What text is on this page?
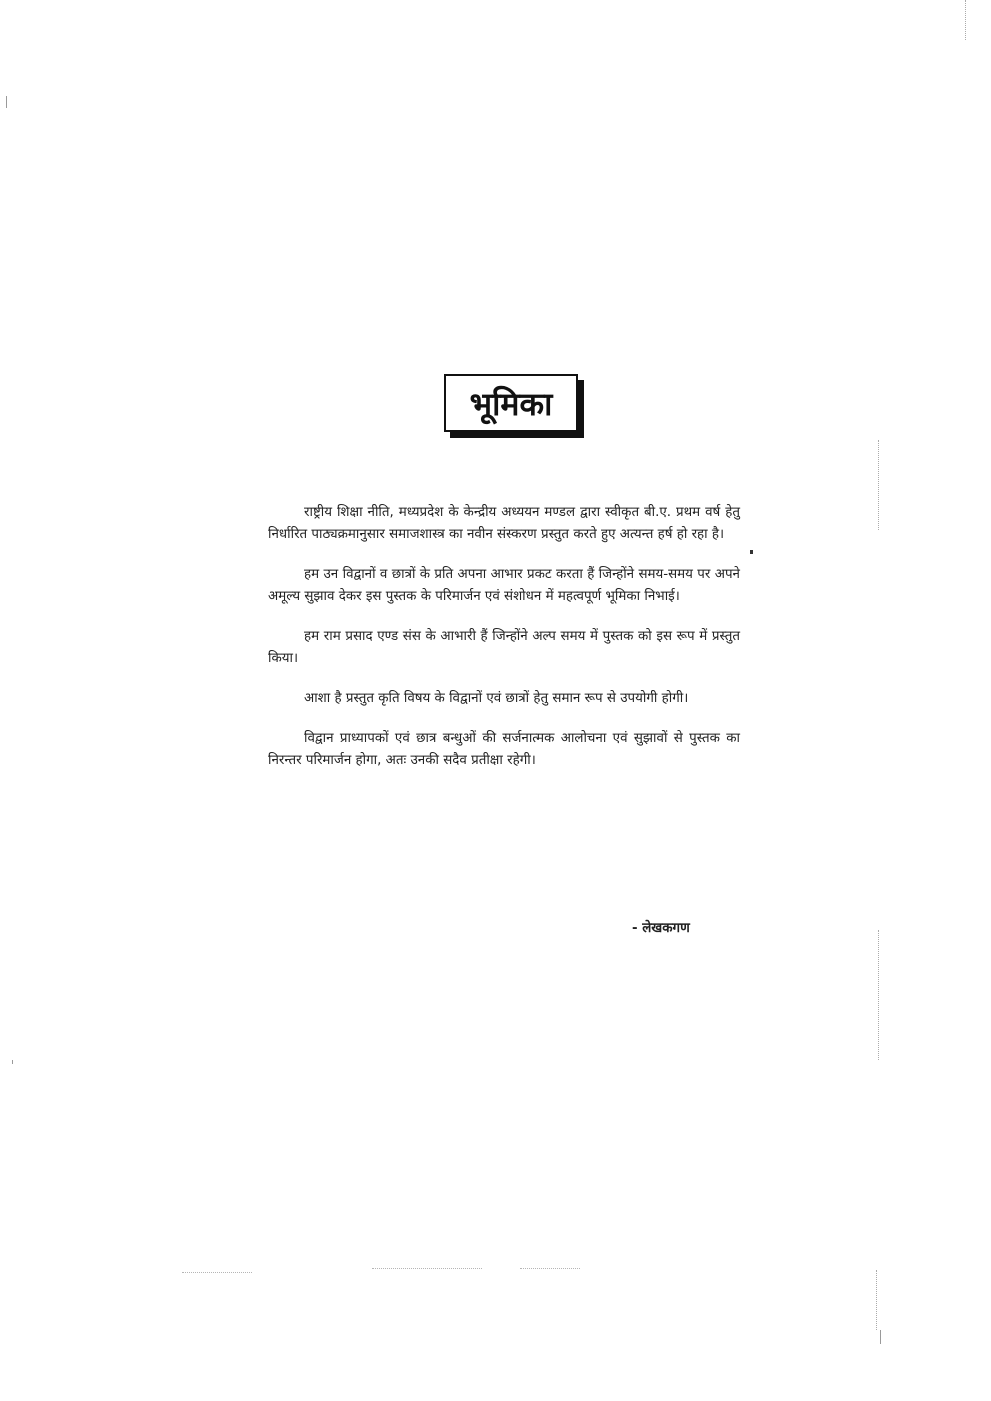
भूमिका

राष्ट्रीय शिक्षा नीति, मध्यप्रदेश के केन्द्रीय अध्ययन मण्डल द्वारा स्वीकृत बी.ए. प्रथम वर्ष हेतु निर्धारित पाठ्यक्रमानुसार समाजशास्त्र का नवीन संस्करण प्रस्तुत करते हुए अत्यन्त हर्ष हो रहा है।

हम उन विद्वानों व छात्रों के प्रति अपना आभार प्रकट करता हैं जिन्होंने समय-समय पर अपने अमूल्य सुझाव देकर इस पुस्तक के परिमार्जन एवं संशोधन में महत्वपूर्ण भूमिका निभाई।

हम राम प्रसाद एण्ड संस के आभारी हैं जिन्होंने अल्प समय में पुस्तक को इस रूप में प्रस्तुत किया।

आशा है प्रस्तुत कृति विषय के विद्वानों एवं छात्रों हेतु समान रूप से उपयोगी होगी।

विद्वान प्राध्यापकों एवं छात्र बन्धुओं की सर्जनात्मक आलोचना एवं सुझावों से पुस्तक का निरन्तर परिमार्जन होगा, अतः उनकी सदैव प्रतीक्षा रहेगी।

- लेखकगण
